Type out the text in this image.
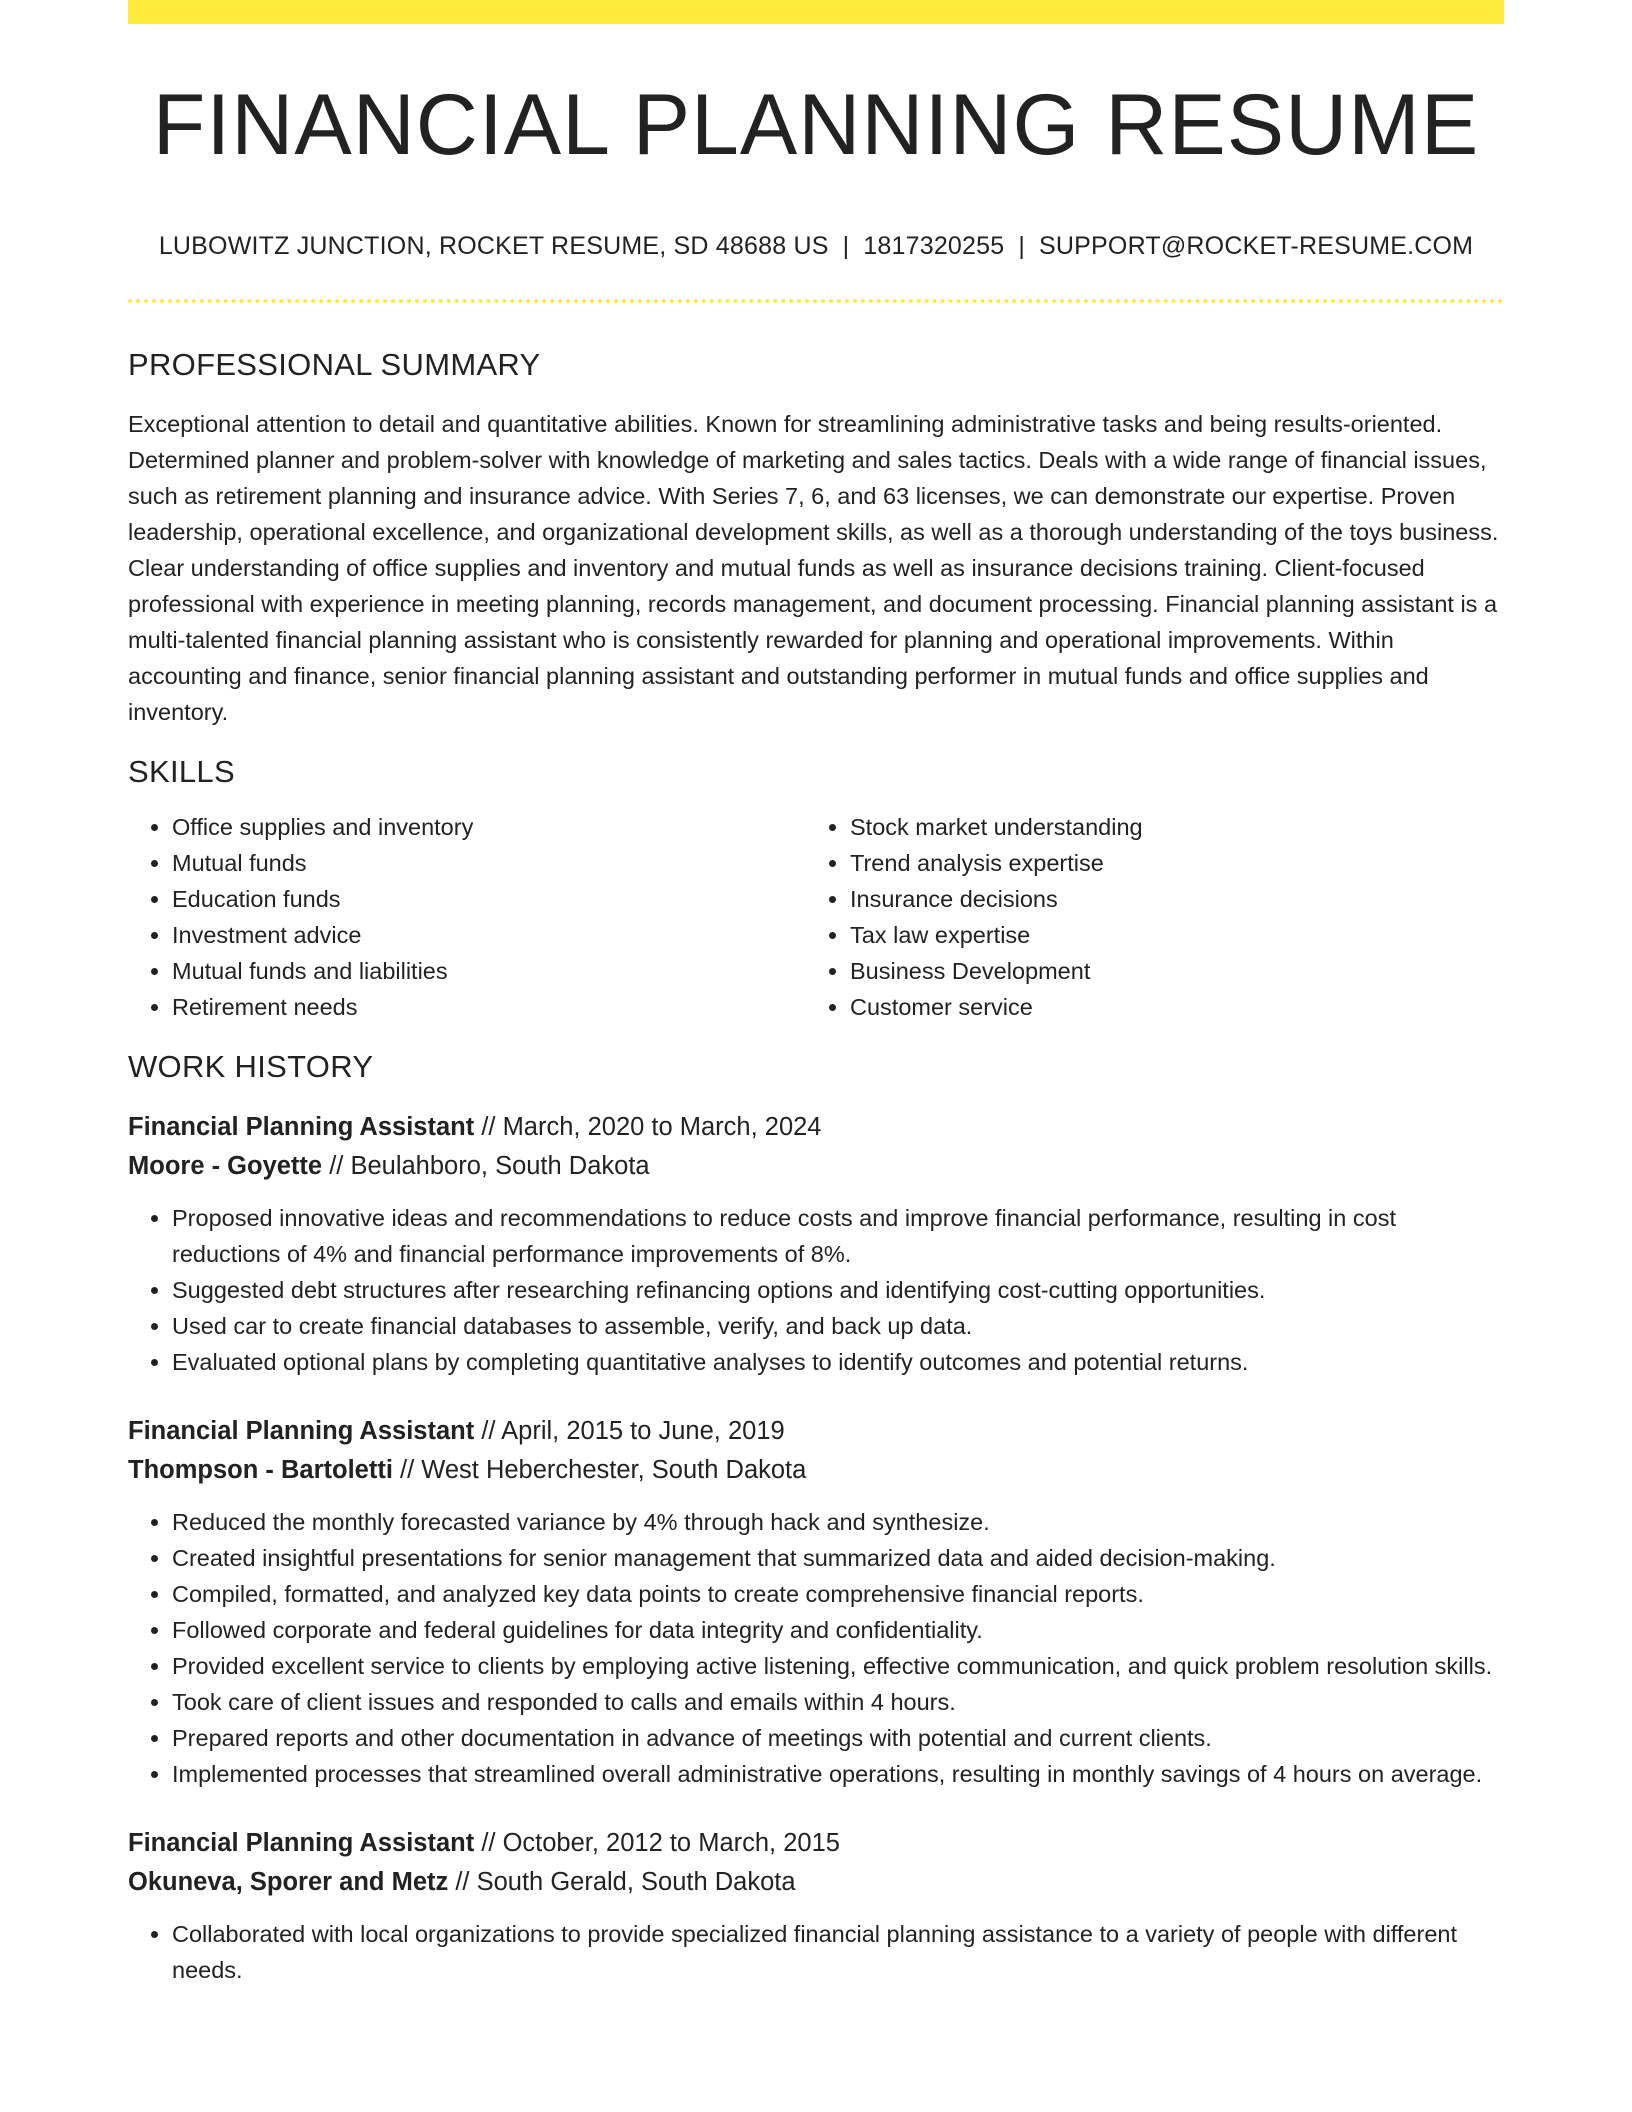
FINANCIAL PLANNING RESUME
LUBOWITZ JUNCTION, ROCKET RESUME, SD 48688 US | 1817320255 | SUPPORT@ROCKET-RESUME.COM
PROFESSIONAL SUMMARY

Exceptional attention to detail and quantitative abilities. Known for streamlining administrative tasks and being results-oriented. Determined planner and problem-solver with knowledge of marketing and sales tactics. Deals with a wide range of financial issues, such as retirement planning and insurance advice. With Series 7, 6, and 63 licenses, we can demonstrate our expertise. Proven leadership, operational excellence, and organizational development skills, as well as a thorough understanding of the toys business. Clear understanding of office supplies and inventory and mutual funds as well as insurance decisions training. Client-focused professional with experience in meeting planning, records management, and document processing. Financial planning assistant is a multi-talented financial planning assistant who is consistently rewarded for planning and operational improvements. Within accounting and finance, senior financial planning assistant and outstanding performer in mutual funds and office supplies and inventory.

SKILLS
• Office supplies and inventory
• Mutual funds
• Education funds
• Investment advice
• Mutual funds and liabilities
• Retirement needs
• Stock market understanding
• Trend analysis expertise
• Insurance decisions
• Tax law expertise
• Business Development
• Customer service
WORK HISTORY
Financial Planning Assistant // March, 2020 to March, 2024
Moore - Goyette // Beulahboro, South Dakota
• Proposed innovative ideas and recommendations to reduce costs and improve financial performance, resulting in cost reductions of 4% and financial performance improvements of 8%.
• Suggested debt structures after researching refinancing options and identifying cost-cutting opportunities.
• Used car to create financial databases to assemble, verify, and back up data.
• Evaluated optional plans by completing quantitative analyses to identify outcomes and potential returns.
Financial Planning Assistant // April, 2015 to June, 2019
Thompson - Bartoletti // West Heberchester, South Dakota
• Reduced the monthly forecasted variance by 4% through hack and synthesize.
• Created insightful presentations for senior management that summarized data and aided decision-making.
• Compiled, formatted, and analyzed key data points to create comprehensive financial reports.
• Followed corporate and federal guidelines for data integrity and confidentiality.
• Provided excellent service to clients by employing active listening, effective communication, and quick problem resolution skills.
• Took care of client issues and responded to calls and emails within 4 hours.
• Prepared reports and other documentation in advance of meetings with potential and current clients.
• Implemented processes that streamlined overall administrative operations, resulting in monthly savings of 4 hours on average.
Financial Planning Assistant // October, 2012 to March, 2015
Okuneva, Sporer and Metz // South Gerald, South Dakota
• Collaborated with local organizations to provide specialized financial planning assistance to a variety of people with different needs.
